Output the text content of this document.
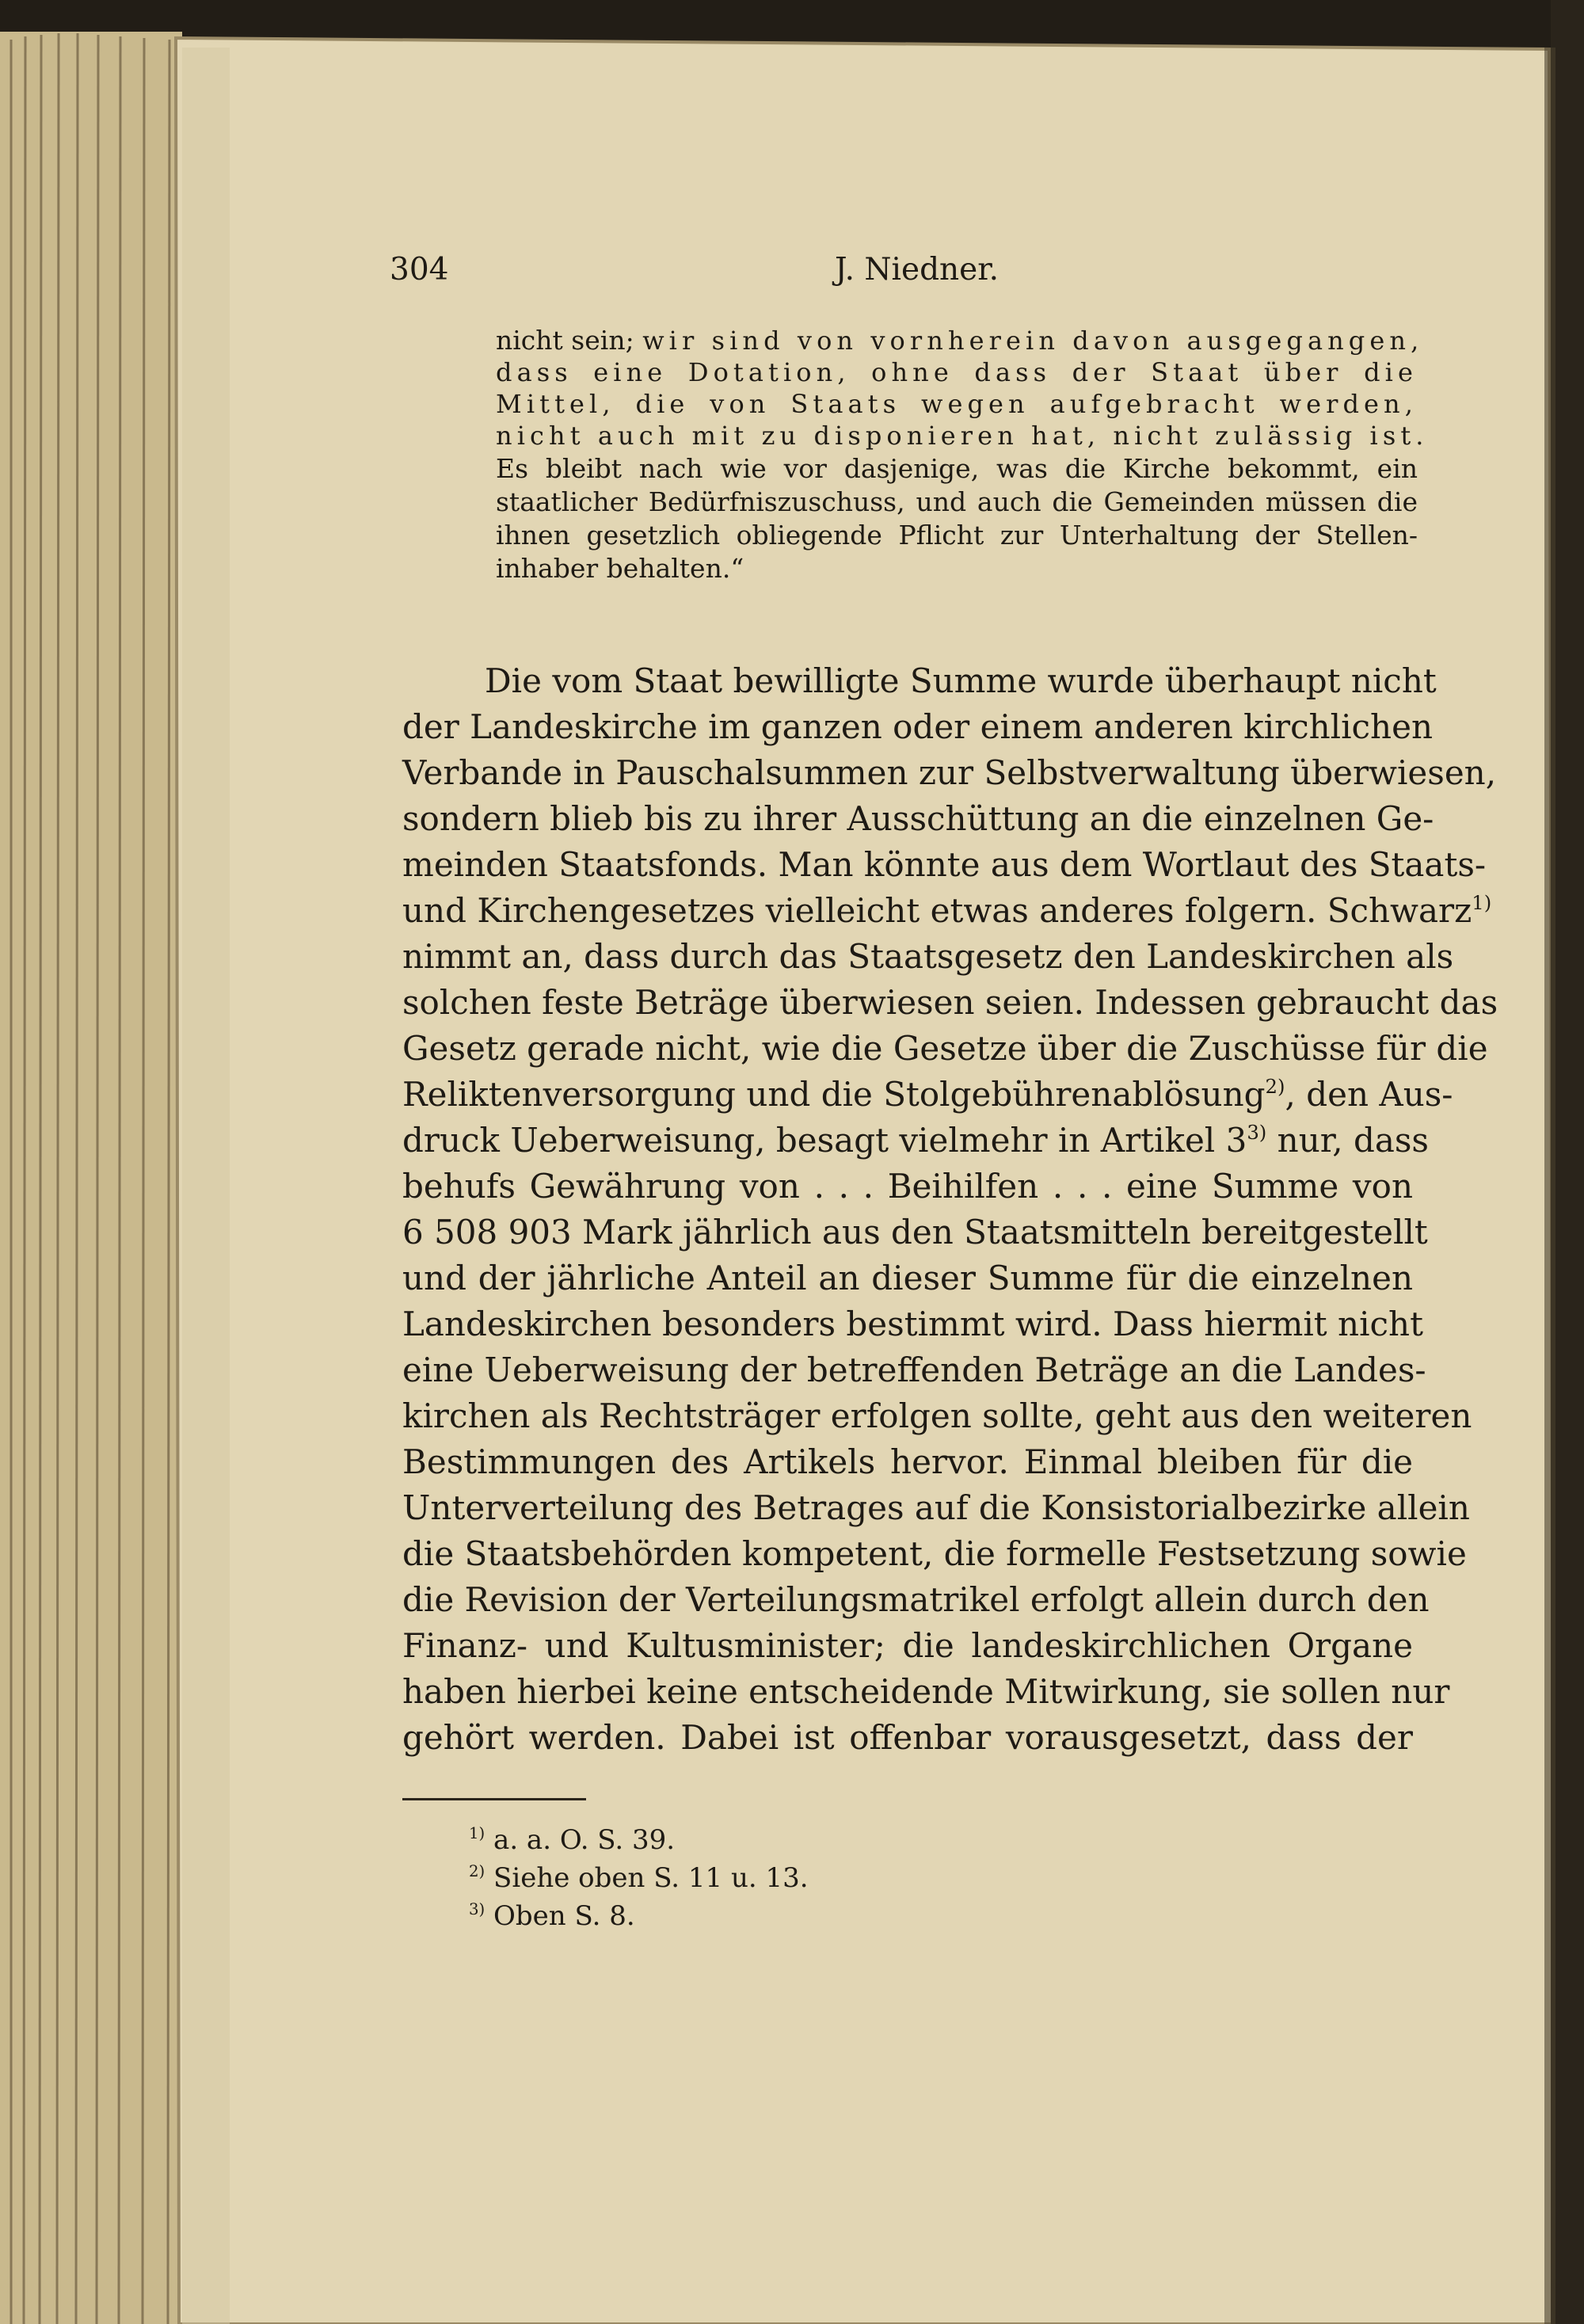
304	J. Niedner.
nicht sein; wir sind von vornherein davon ausgegangen,
dass eine Dotation, ohne dass der Staat über die
Mittel, die von Staats wegen aufgebracht werden,
nicht auch mit zu disponieren hat, nicht zulässig ist.
Es bleibt nach wie vor dasjenige, was die Kirche bekommt, ein
staatlicher Bedürfniszuschuss, und auch die Gemeinden müssen die
ihnen gesetzlich obliegende Pflicht zur Unterhaltung der Stellen-
inhaber behalten.“
Die vom Staat bewilligte Summe wurde überhaupt nicht
der Landeskirche im ganzen oder einem anderen kirchlichen
Verbande in Pauschalsummen zur Selbstverwaltung überwiesen,
sondern blieb bis zu ihrer Ausschüttung an die einzelnen Ge-
meinden Staatsfonds. Man könnte aus dem Wortlaut des Staats-
und Kirchengesetzes vielleicht etwas anderes folgern. Schwarz$^{1)}$
nimmt an, dass durch das Staatsgesetz den Landeskirchen als
solchen feste Beträge überwiesen seien. Indessen gebraucht das
Gesetz gerade nicht, wie die Gesetze über die Zuschüsse für die
Reliktenversorgung und die Stolgebührenablösung$^{2)}$, den Aus-
druck Ueberweisung, besagt vielmehr in Artikel 3$^{3)}$ nur, dass
behufs Gewährung von . . . Beihilfen . . . eine Summe von
6 508 903 Mark jährlich aus den Staatsmitteln bereitgestellt
und der jährliche Anteil an dieser Summe für die einzelnen
Landeskirchen besonders bestimmt wird. Dass hiermit nicht
eine Ueberweisung der betreffenden Beträge an die Landes-
kirchen als Rechtsträger erfolgen sollte, geht aus den weiteren
Bestimmungen des Artikels hervor. Einmal bleiben für die
Unterverteilung des Betrages auf die Konsistorialbezirke allein
die Staatsbehörden kompetent, die formelle Festsetzung sowie
die Revision der Verteilungsmatrikel erfolgt allein durch den
Finanz- und Kultusminister; die landeskirchlichen Organe
haben hierbei keine entscheidende Mitwirkung, sie sollen nur
gehört werden. Dabei ist offenbar vorausgesetzt, dass der
$^{1)}$ a. a. O. S. 39.
$^{2)}$ Siehe oben S. 11 u. 13.
$^{3)}$ Oben S. 8.
